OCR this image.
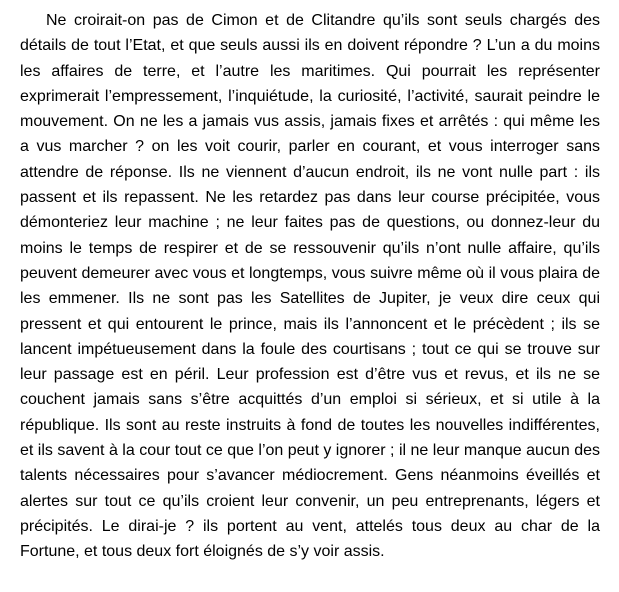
Ne croirait-on pas de Cimon et de Clitandre qu’ils sont seuls chargés des détails de tout l’Etat, et que seuls aussi ils en doivent répondre ? L’un a du moins les affaires de terre, et l’autre les maritimes. Qui pourrait les représenter exprimerait l’empressement, l’inquiétude, la curiosité, l’activité, saurait peindre le mouvement. On ne les a jamais vus assis, jamais fixes et arrêtés : qui même les a vus marcher ? on les voit courir, parler en courant, et vous interroger sans attendre de réponse. Ils ne viennent d’aucun endroit, ils ne vont nulle part : ils passent et ils repassent. Ne les retardez pas dans leur course précipitée, vous démonteriez leur machine ; ne leur faites pas de questions, ou donnez-leur du moins le temps de respirer et de se ressouvenir qu’ils n’ont nulle affaire, qu’ils peuvent demeurer avec vous et longtemps, vous suivre même où il vous plaira de les emmener. Ils ne sont pas les Satellites de Jupiter, je veux dire ceux qui pressent et qui entourent le prince, mais ils l’annoncent et le précèdent ; ils se lancent impétueusement dans la foule des courtisans ; tout ce qui se trouve sur leur passage est en péril. Leur profession est d’être vus et revus, et ils ne se couchent jamais sans s’être acquittés d’un emploi si sérieux, et si utile à la république. Ils sont au reste instruits à fond de toutes les nouvelles indifférentes, et ils savent à la cour tout ce que l’on peut y ignorer ; il ne leur manque aucun des talents nécessaires pour s’avancer médiocrement. Gens néanmoins éveillés et alertes sur tout ce qu’ils croient leur convenir, un peu entreprenants, légers et précipités. Le dirai-je ? ils portent au vent, attelés tous deux au char de la Fortune, et tous deux fort éloignés de s’y voir assis.
